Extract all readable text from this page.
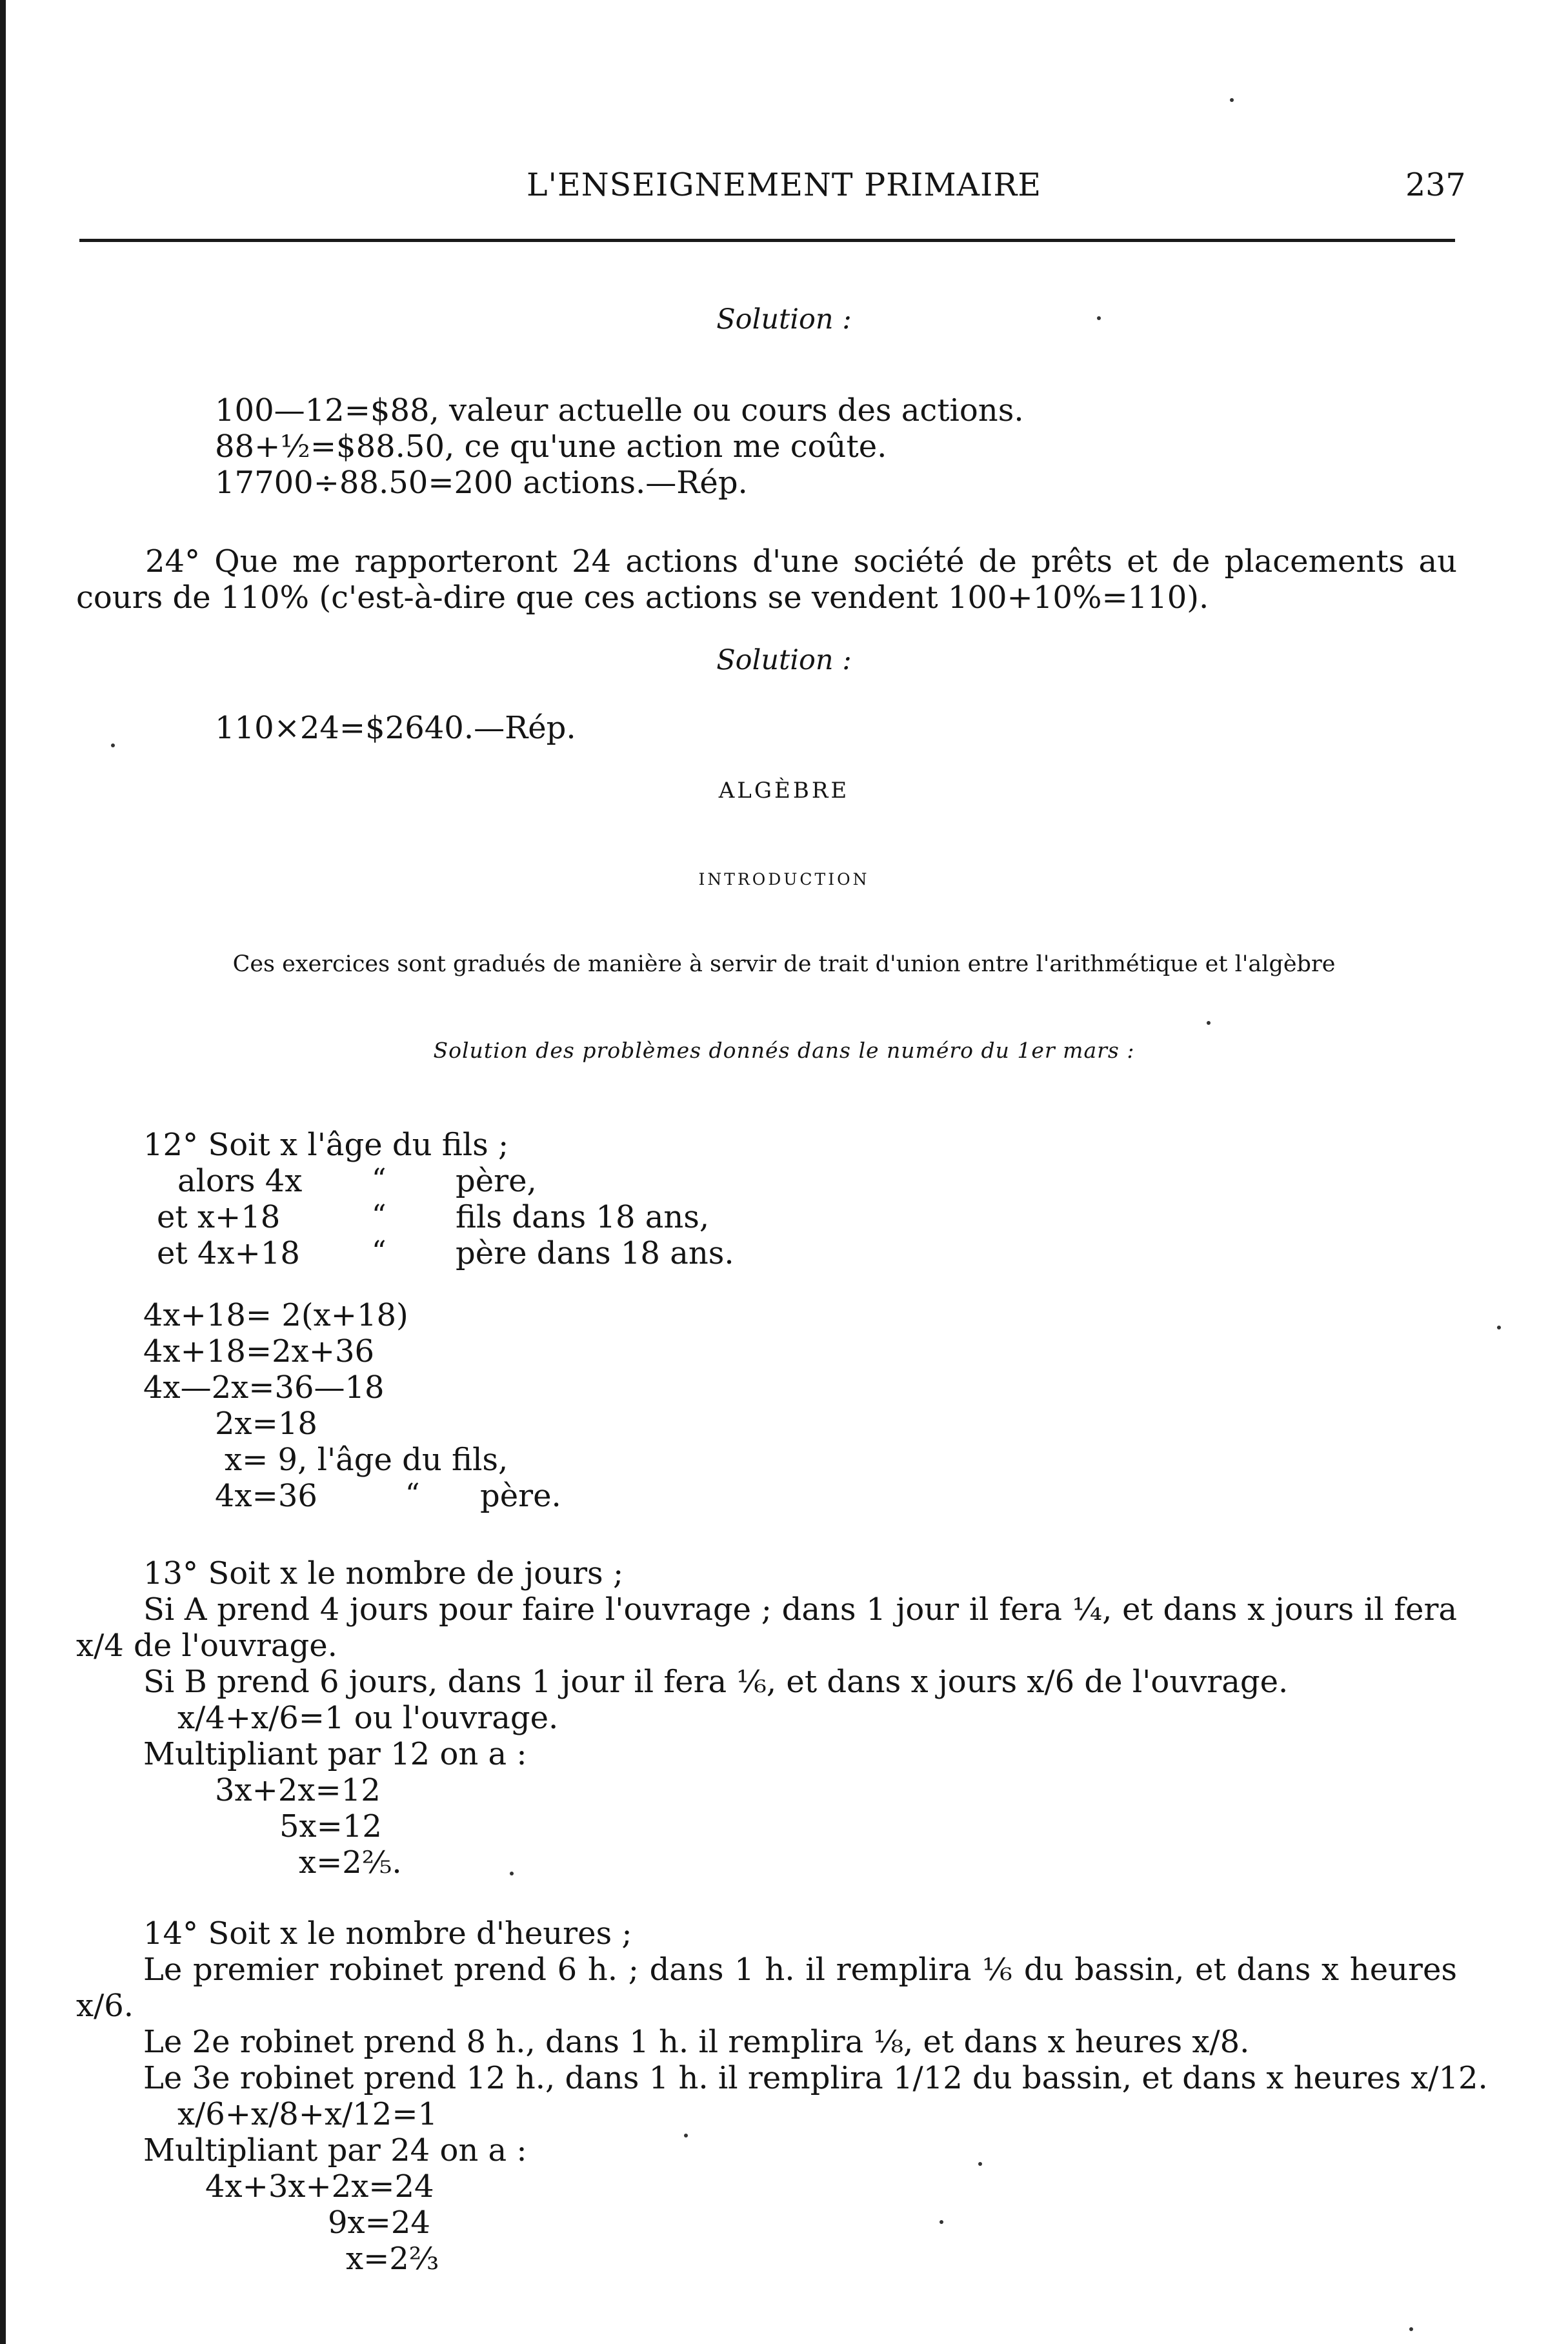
L'ENSEIGNEMENT PRIMAIRE	237
Solution :
100—12=$88, valeur actuelle ou cours des actions.
88+½=$88.50, ce qu'une action me coûte.
17700÷88.50=200 actions.—Rép.
24° Que me rapporteront 24 actions d'une société de prêts et de placements au cours de 110% (c'est-à-dire que ces actions se vendent 100+10%=110).
Solution :
110×24=$2640.—Rép.
ALGÈBRE
INTRODUCTION
Ces exercices sont gradués de manière à servir de trait d'union entre l'arithmétique et l'algèbre
Solution des problèmes donnés dans le numéro du 1er mars :
12° Soit x l'âge du fils ;
alors 4x “ père,
et x+18	“ fils dans 18 ans,
et 4x+18	“ père dans 18 ans.
4x+18= 2(x+18)
4x+18=2x+36
4x—2x=36—18
2x=18
x= 9, l'âge du fils,
4x=36	“ père.
13° Soit x le nombre de jours ;
Si A prend 4 jours pour faire l'ouvrage ; dans 1 jour il fera ¼, et dans x jours il fera x/4 de l'ouvrage.
Si B prend 6 jours, dans 1 jour il fera ⅙, et dans x jours x/6 de l'ouvrage.
x/4+x/6=1 ou l'ouvrage.
Multipliant par 12 on a :
3x+2x=12
5x=12
x=2⅖.
14° Soit x le nombre d'heures ;
Le premier robinet prend 6 h. ; dans 1 h. il remplira ⅙ du bassin, et dans x heures x/6.
Le 2e robinet prend 8 h., dans 1 h. il remplira ⅛, et dans x heures x/8.
Le 3e robinet prend 12 h., dans 1 h. il remplira 1/12 du bassin, et dans x heures x/12.
x/6+x/8+x/12=1
Multipliant par 24 on a :
4x+3x+2x=24
9x=24
x=2⅔
